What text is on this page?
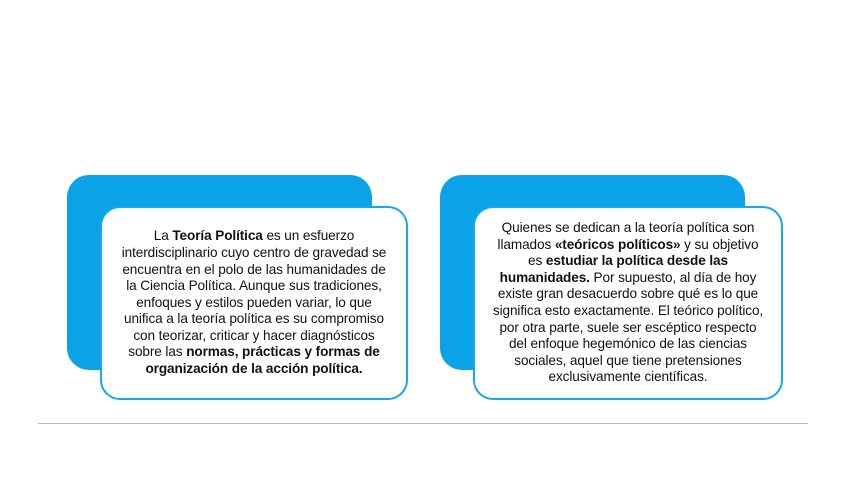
La Teoría Política es un esfuerzo interdisciplinario cuyo centro de gravedad se encuentra en el polo de las humanidades de la Ciencia Política. Aunque sus tradiciones, enfoques y estilos pueden variar, lo que unifica a la teoría política es su compromiso con teorizar, criticar y hacer diagnósticos sobre las normas, prácticas y formas de organización de la acción política.

Quienes se dedican a la teoría política son llamados «teóricos políticos» y su objetivo es estudiar la política desde las humanidades. Por supuesto, al día de hoy existe gran desacuerdo sobre qué es lo que significa esto exactamente. El teórico político, por otra parte, suele ser escéptico respecto del enfoque hegemónico de las ciencias sociales, aquel que tiene pretensiones exclusivamente científicas.
